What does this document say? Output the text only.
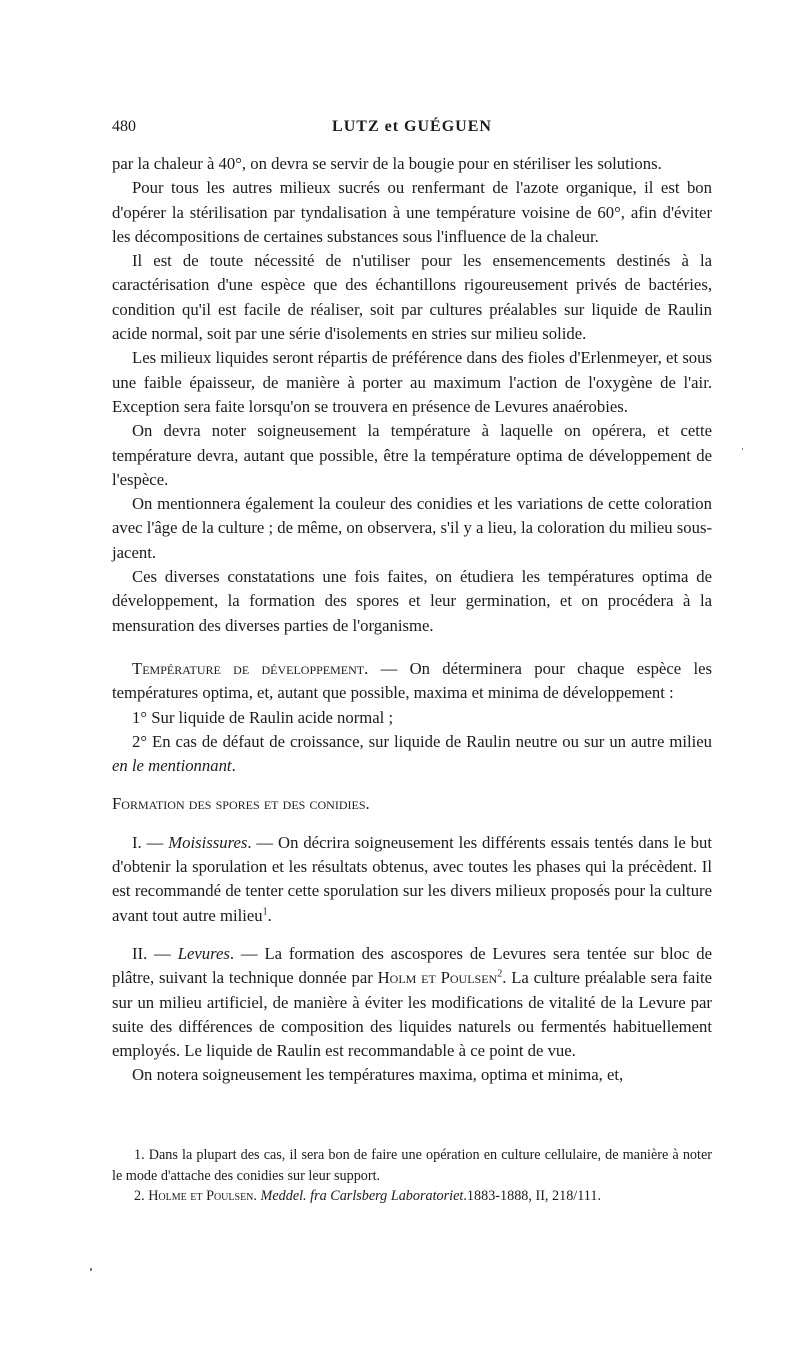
480	LUTZ et GUÉGUEN

par la chaleur à 40°, on devra se servir de la bougie pour en stériliser les solutions.

Pour tous les autres milieux sucrés ou renfermant de l'azote organique, il est bon d'opérer la stérilisation par tyndalisation à une température voisine de 60°, afin d'éviter les décompositions de certaines substances sous l'influence de la chaleur.

Il est de toute nécessité de n'utiliser pour les ensemencements destinés à la caractérisation d'une espèce que des échantillons rigoureusement privés de bactéries, condition qu'il est facile de réaliser, soit par cultures préalables sur liquide de Raulin acide normal, soit par une série d'isolements en stries sur milieu solide.

Les milieux liquides seront répartis de préférence dans des fioles d'Erlenmeyer, et sous une faible épaisseur, de manière à porter au maximum l'action de l'oxygène de l'air. Exception sera faite lorsqu'on se trouvera en présence de Levures anaérobies.

On devra noter soigneusement la température à laquelle on opérera, et cette température devra, autant que possible, être la température optima de développement de l'espèce.

On mentionnera également la couleur des conidies et les variations de cette coloration avec l'âge de la culture ; de même, on observera, s'il y a lieu, la coloration du milieu sous-jacent.

Ces diverses constatations une fois faites, on étudiera les températures optima de développement, la formation des spores et leur germination, et on procédera à la mensuration des diverses parties de l'organisme.

Température de développement. — On déterminera pour chaque espèce les températures optima, et, autant que possible, maxima et minima de développement :

1° Sur liquide de Raulin acide normal ;

2° En cas de défaut de croissance, sur liquide de Raulin neutre ou sur un autre milieu en le mentionnant.

Formation des spores et des conidies.

I. — Moisissures. — On décrira soigneusement les différents essais tentés dans le but d'obtenir la sporulation et les résultats obtenus, avec toutes les phases qui la précèdent. Il est recommandé de tenter cette sporulation sur les divers milieux proposés pour la culture avant tout autre milieu$^1$.

II. — Levures. — La formation des ascospores de Levures sera tentée sur bloc de plâtre, suivant la technique donnée par Holm et Poulsen$^2$. La culture préalable sera faite sur un milieu artificiel, de manière à éviter les modifications de vitalité de la Levure par suite des différences de composition des liquides naturels ou fermentés habituellement employés. Le liquide de Raulin est recommandable à ce point de vue.

On notera soigneusement les températures maxima, optima et minima, et,

1. Dans la plupart des cas, il sera bon de faire une opération en culture cellulaire, de manière à noter le mode d'attache des conidies sur leur support.

2. Holme et Poulsen. Meddel. fra Carlsberg Laboratoriet.1883-1888, II, 218/111.
